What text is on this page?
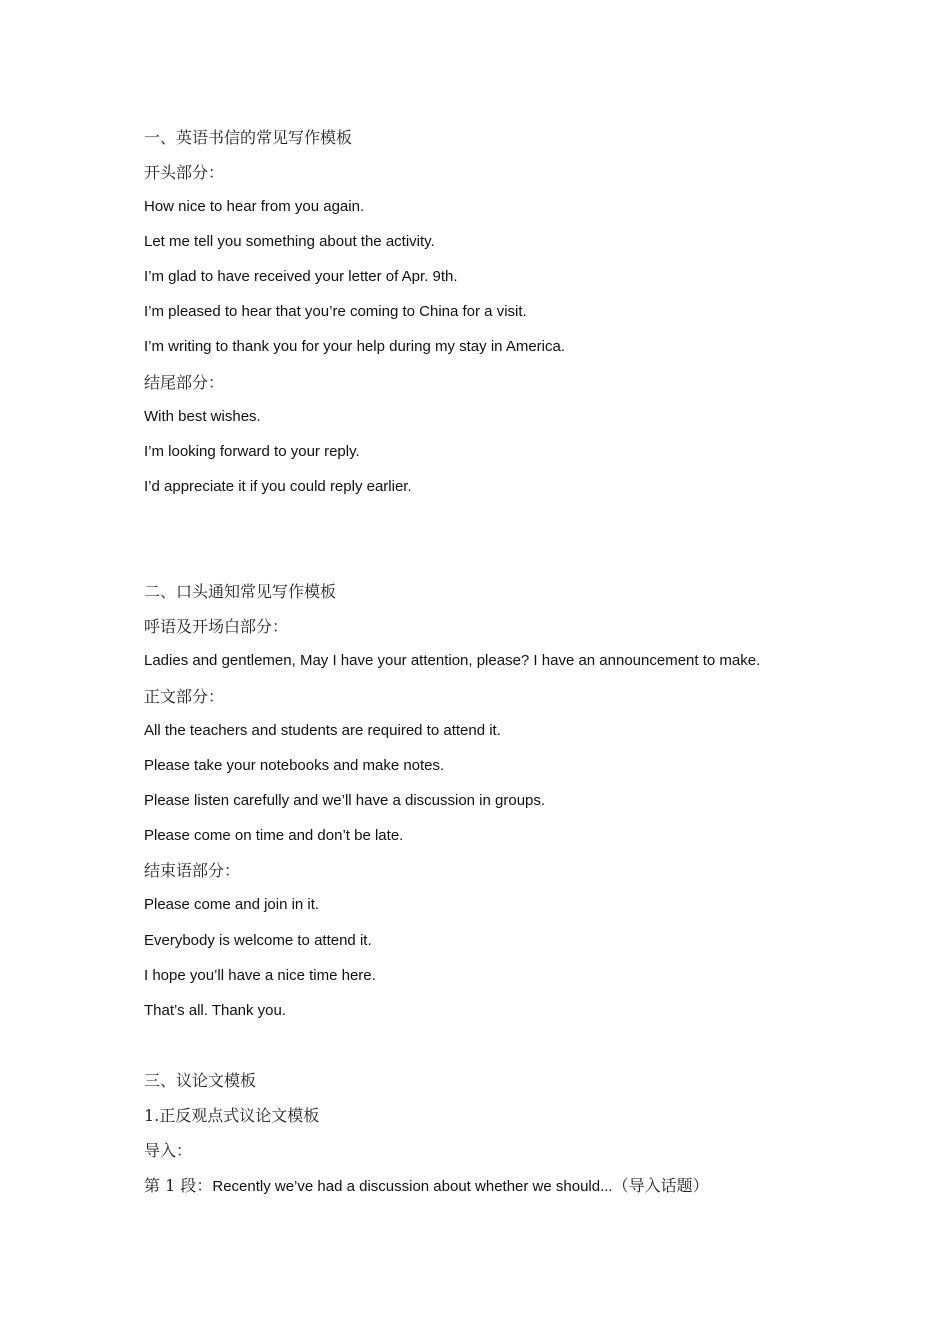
一、英语书信的常见写作模板
开头部分：
How nice to hear from you again.
Let me tell you something about the activity.
I’m glad to have received your letter of Apr. 9th.
I’m pleased to hear that you’re coming to China for a visit.
I’m writing to thank you for your help during my stay in America.
结尾部分：
With best wishes.
I’m looking forward to your reply.
I’d appreciate it if you could reply earlier.
二、口头通知常见写作模板
呼语及开场白部分：
Ladies and gentlemen, May I have your attention, please? I have an announcement to make.
正文部分：
All the teachers and students are required to attend it.
Please take your notebooks and make notes.
Please listen carefully and we’ll have a discussion in groups.
Please come on time and don’t be late.
结束语部分：
Please come and join in it.
Everybody is welcome to attend it.
I hope you’ll have a nice time here.
That’s all. Thank you.
三、议论文模板
1.正反观点式议论文模板
导入：
第 1 段：Recently we’ve had a discussion about whether we should...（导入话题）
